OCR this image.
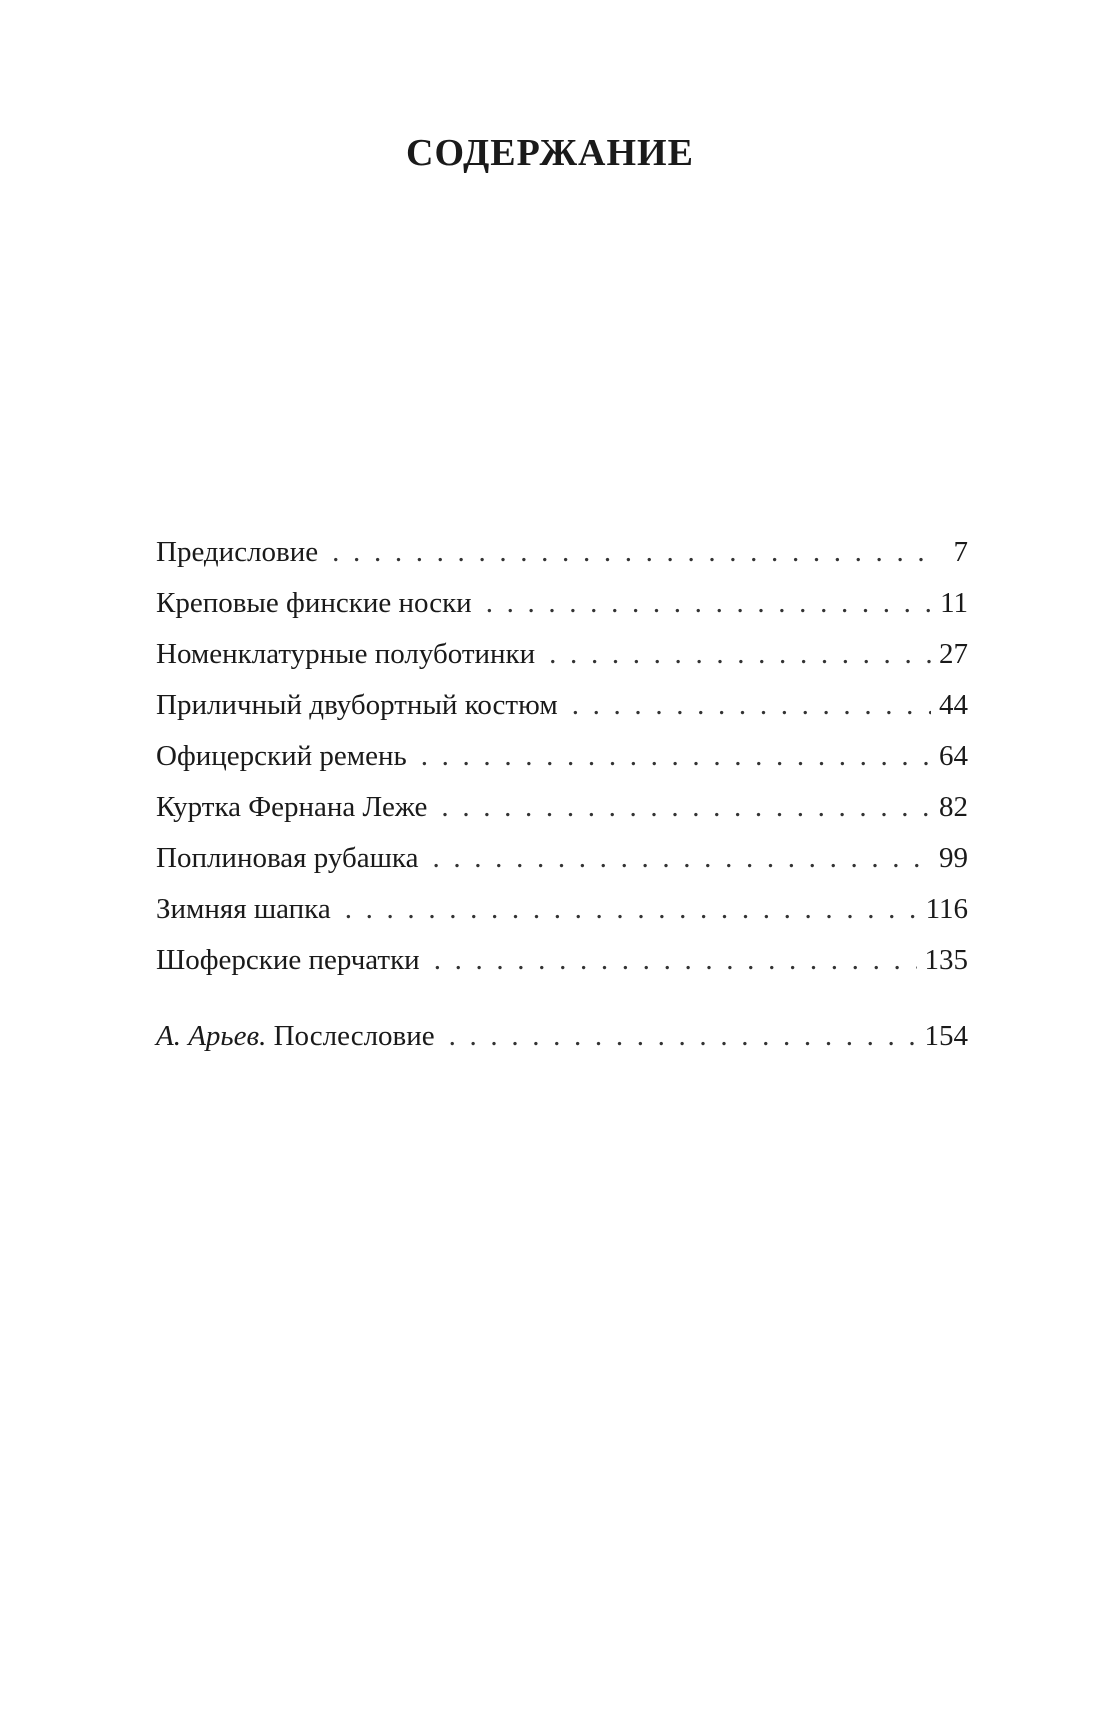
СОДЕРЖАНИЕ
Предисловие . . .	7
Креповые финские носки . . .	11
Номенклатурные полуботинки . . .	27
Приличный двубортный костюм . . .	44
Офицерский ремень . . .	64
Куртка Фернана Леже . . .	82
Поплиновая рубашка . . .	99
Зимняя шапка . . .	116
Шоферские перчатки . . .	135
А. Арьев. Послесловие . . .	154
